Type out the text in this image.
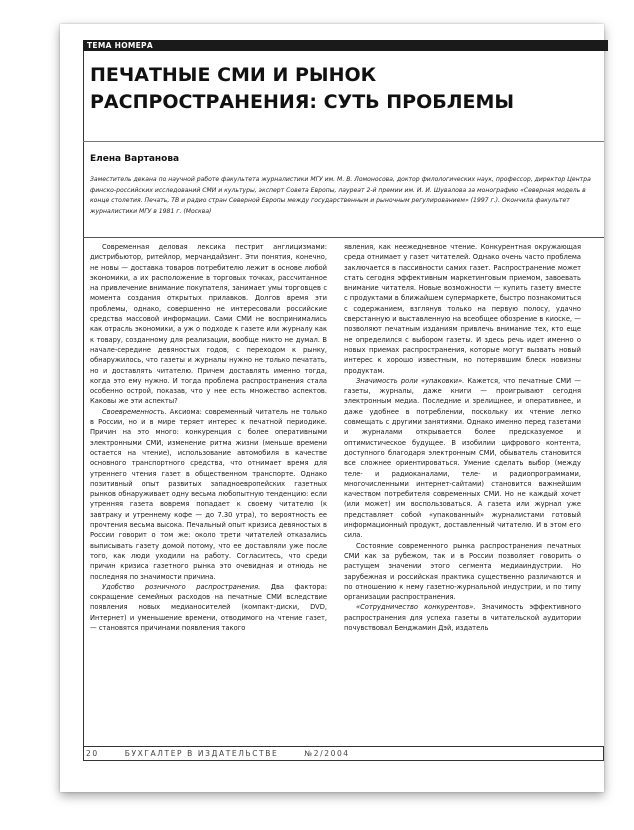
ТЕМА НОМЕРА
ПЕЧАТНЫЕ СМИ И РЫНОК РАСПРОСТРАНЕНИЯ: СУТЬ ПРОБЛЕМЫ
Елена Вартанова

Заместитель декана по научной работе факультета журналистики МГУ им. М. В. Ломоносова, доктор филологических наук, профессор, директор Центра финско-российских исследований СМИ и культуры, эксперт Совета Европы, лауреат 2-й премии им. И. И. Шувалова за монографию «Северная модель в конце столетия. Печать, ТВ и радио стран Северной Европы между государственным и рыночным регулированием» (1997 г.). Окончила факультет журналистики МГУ в 1981 г. (Москва)

Современная деловая лексика пестрит англицизмами: дистрибьютор, ритейлор, мерчандайзинг. Эти понятия, конечно, не новы — доставка товаров потребителю лежит в основе любой экономики, а их расположение в торговых точках, рассчитанное на привлечение внимание покупателя, занимает умы торговцев с момента создания открытых прилавков. Долгов время эти проблемы, однако, совершенно не интересовали российские средства массовой информации. Сами СМИ не воспринимались как отрасль экономики, а уж о подходе к газете или журналу как к товару, созданному для реализации, вообще никто не думал. В начале-середине девяностых годов, с переходом к рынку, обнаружилось, что газеты и журналы нужно не только печатать, но и доставлять читателю. Причем доставлять именно тогда, когда это ему нужно. И тогда проблема распространения стала особенно острой, показав, что у нее есть множество аспектов. Каковы же эти аспекты?

Своевременность. Аксиома: современный читатель не только в России, но и в мире теряет интерес к печатной периодике. Причин на это много: конкуренция с более оперативными электронными СМИ, изменение ритма жизни (меньше времени остается на чтение), использование автомобиля в качестве основного транспортного средства, что отнимает время для утреннего чтения газет в общественном транспорте. Однако позитивный опыт развитых западноевропейских газетных рынков обнаруживает одну весьма любопытную тенденцию: если утренняя газета вовремя попадает к своему читателю (к завтраку и утреннему кофе — до 7.30 утра), то вероятность ее прочтения весьма высока. Печальный опыт кризиса девяностых в России говорит о том же: около трети читателей отказались выписывать газету домой потому, что ее доставляли уже после того, как люди уходили на работу. Согласитесь, что среди причин кризиса газетного рынка это очевидная и отнюдь не последняя по значимости причина.

Удобство розничного распространения. Два фактора: сокращение семейных расходов на печатные СМИ вследствие появления новых медианосителей (компакт-диски, DVD, Интернет) и уменьшение времени, отводимого на чтение газет, — становятся причинами появления такого

явления, как неежедневное чтение. Конкурентная окружающая среда отнимает у газет читателей. Однако очень часто проблема заключается в пассивности самих газет. Распространение может стать сегодня эффективным маркетинговым приемом, завоевать внимание читателя. Новые возможности — купить газету вместе с продуктами в ближайшем супермаркете, быстро познакомиться с содержанием, взглянув только на первую полосу, удачно сверстанную и выставленную на всеобщее обозрение в киоске, — позволяют печатным изданиям привлечь внимание тех, кто еще не определился с выбором газеты. И здесь речь идет именно о новых приемах распространения, которые могут вызвать новый интерес к хорошо известным, но потерявшим блеск новизны продуктам.

Значимость роли «упаковки». Кажется, что печатные СМИ — газеты, журналы, даже книги — проигрывают сегодня электронным медиа. Последние и зрелищнее, и оперативнее, и даже удобнее в потреблении, поскольку их чтение легко совмещать с другими занятиями. Однако именно перед газетами и журналами открывается более предсказуемое и оптимистическое будущее. В изобилии цифрового контента, доступного благодаря электронным СМИ, обыватель становится все сложнее ориентироваться. Умение сделать выбор (между теле- и радиоканалами, теле- и радиопрограммами, многочисленными интернет-сайтами) становится важнейшим качеством потребителя современных СМИ. Но не каждый хочет (или может) им воспользоваться. А газета или журнал уже представляет собой «упакованный» журналистами готовый информационный продукт, доставленный читателю. И в этом его сила.

Состояние современного рынка распространения печатных СМИ как за рубежом, так и в России позволяет говорить о растущем значении этого сегмента медиаиндустрии. Но зарубежная и российская практика существенно различаются и по отношению к нему газетно-журнальной индустрии, и по типу организации распространения.

«Сотрудничество конкурентов». Значимость эффективного распространения для успеха газеты в читательской аудитории почувствовал Бенджамин Дэй, издатель

20	БУХГАЛТЕР В ИЗДАТЕЛЬСТВЕ	№2/2004
